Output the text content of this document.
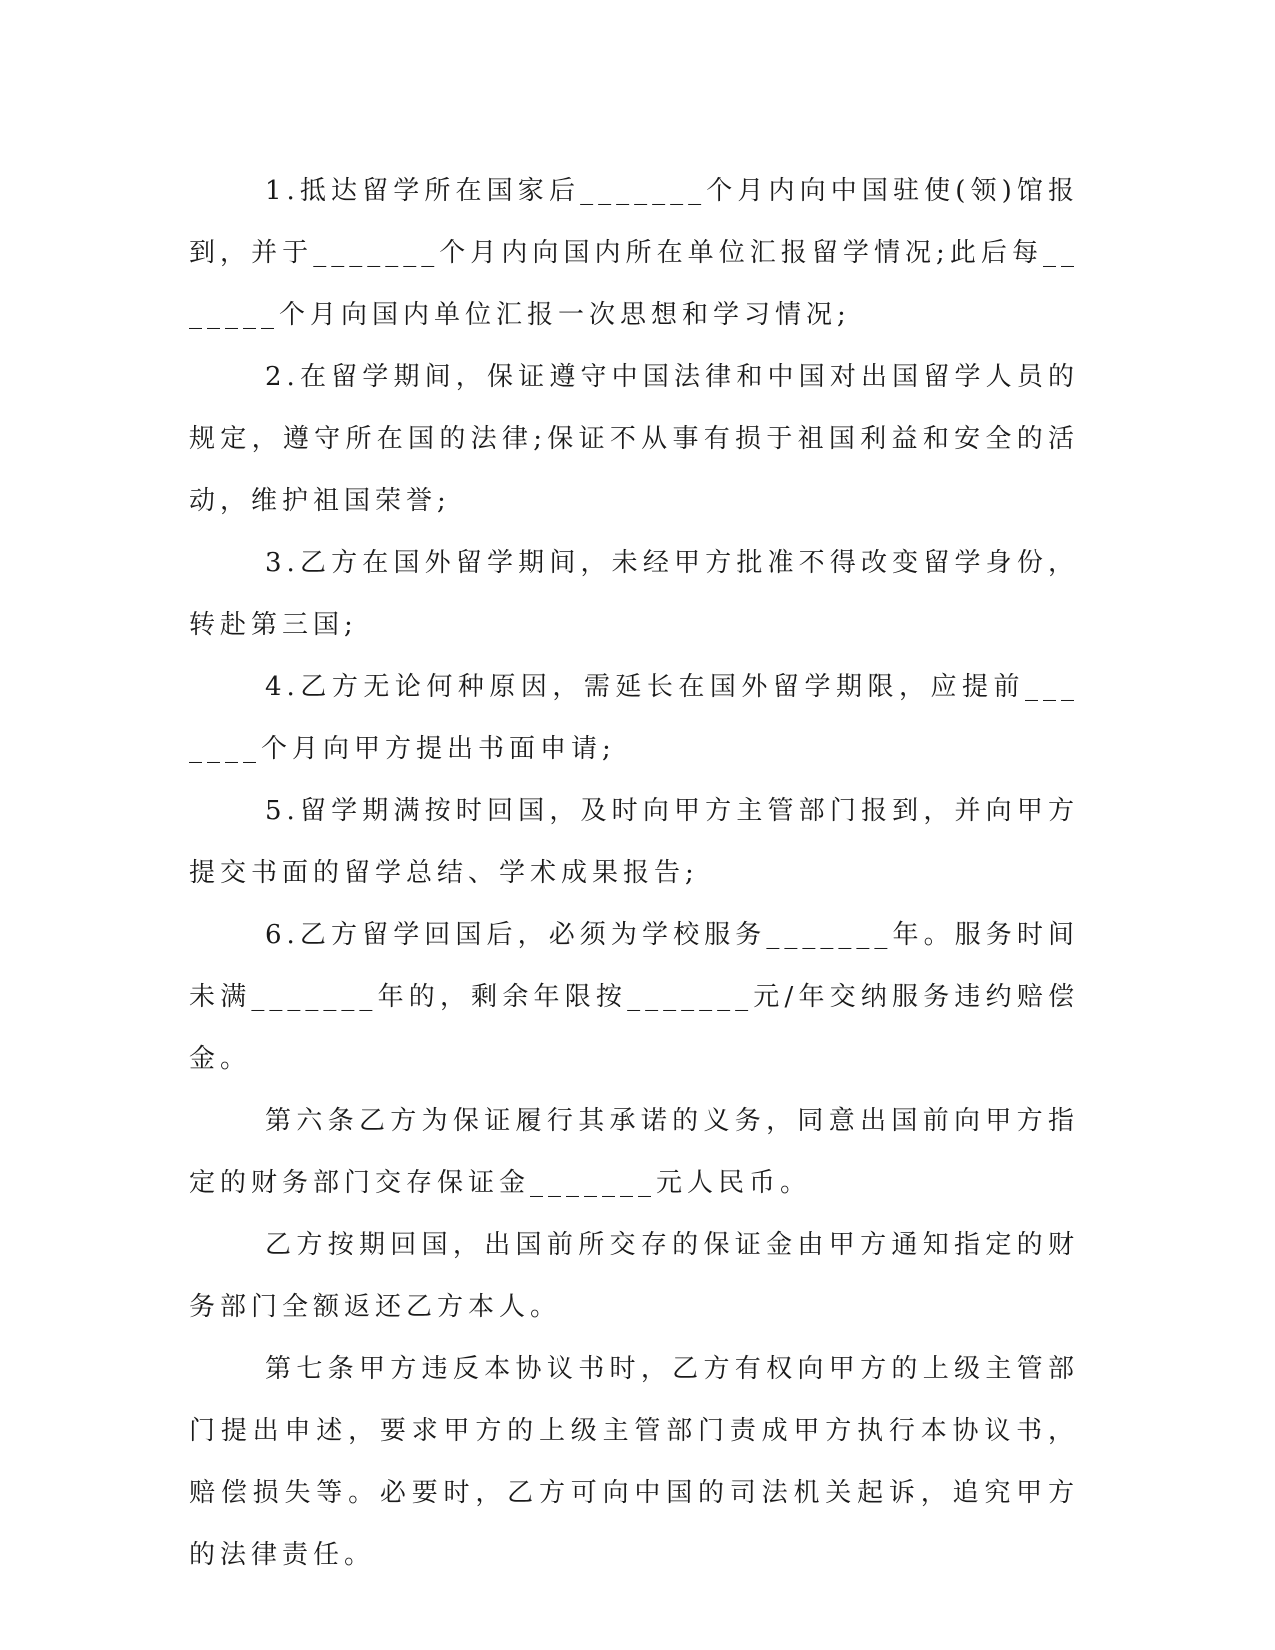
1.抵达留学所在国家后_______个月内向中国驻使(领)馆报到，并于_______个月内向国内所在单位汇报留学情况;此后每_______个月向国内单位汇报一次思想和学习情况;

2.在留学期间，保证遵守中国法律和中国对出国留学人员的规定，遵守所在国的法律;保证不从事有损于祖国利益和安全的活动，维护祖国荣誉;

3.乙方在国外留学期间，未经甲方批准不得改变留学身份，转赴第三国;

4.乙方无论何种原因，需延长在国外留学期限，应提前_______个月向甲方提出书面申请;

5.留学期满按时回国，及时向甲方主管部门报到，并向甲方提交书面的留学总结、学术成果报告;

6.乙方留学回国后，必须为学校服务_______年。服务时间未满_______年的，剩余年限按_______元/年交纳服务违约赔偿金。

第六条乙方为保证履行其承诺的义务，同意出国前向甲方指定的财务部门交存保证金_______元人民币。

乙方按期回国，出国前所交存的保证金由甲方通知指定的财务部门全额返还乙方本人。

第七条甲方违反本协议书时，乙方有权向甲方的上级主管部门提出申述，要求甲方的上级主管部门责成甲方执行本协议书，赔偿损失等。必要时，乙方可向中国的司法机关起诉，追究甲方的法律责任。
